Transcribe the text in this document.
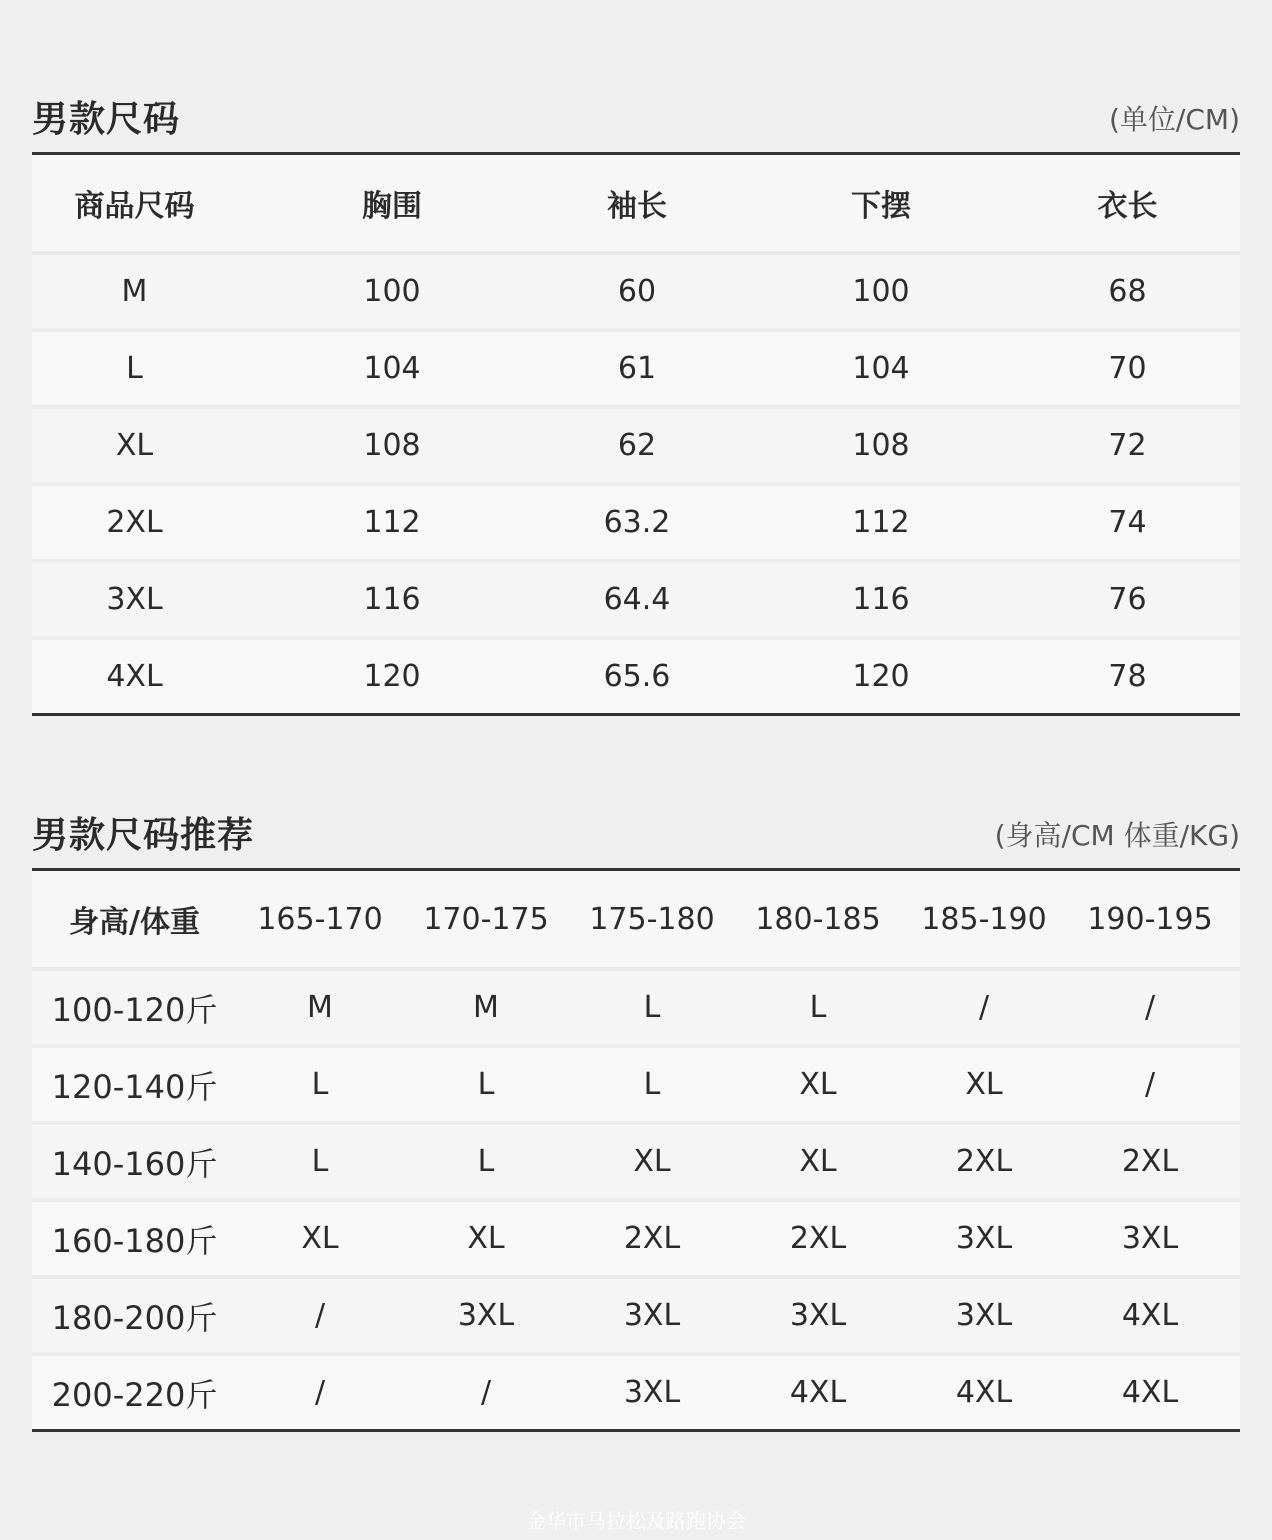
男款尺码	(单位/CM)
商品尺码	胸围	袖长	下摆	衣长
M	100	60	100	68
L	104	61	104	70
XL	108	62	108	72
2XL	112	63.2	112	74
3XL	116	64.4	116	76
4XL	120	65.6	120	78
男款尺码推荐	(身高/CM 体重/KG)
身高/体重	165-170	170-175	175-180	180-185	185-190	190-195
100-120斤	M	M	L	L	/	/
120-140斤	L	L	L	XL	XL	/
140-160斤	L	L	XL	XL	2XL	2XL
160-180斤	XL	XL	2XL	2XL	3XL	3XL
180-200斤	/	3XL	3XL	3XL	3XL	4XL
200-220斤	/	/	3XL	4XL	4XL	4XL
金华市马拉松及路跑协会
